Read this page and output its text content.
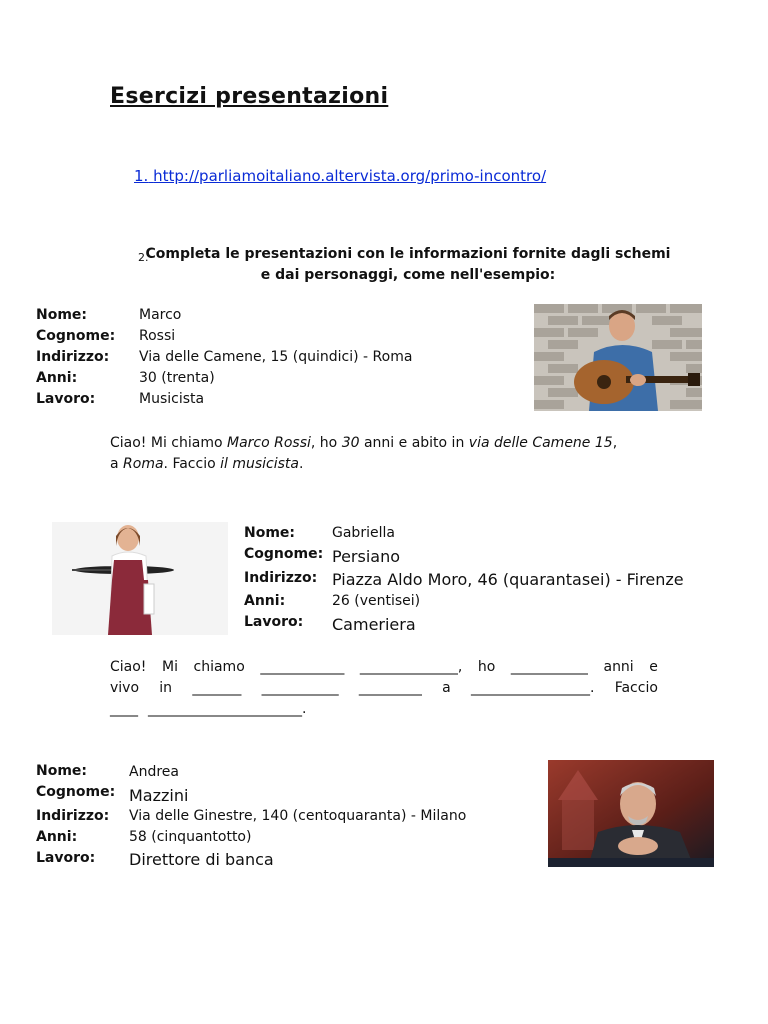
Esercizi presentazioni
1. http://parliamoitaliano.altervista.org/primo-incontro/
2.
Completa le presentazioni con le informazioni fornite dagli schemi
e dai personaggi, come nell'esempio:
Nome:
Cognome:
Indirizzo:
Anni:
Lavoro:
Marco
Rossi
Via delle Camene, 15 (quindici) - Roma
30 (trenta)
Musicista
Ciao! Mi chiamo Marco Rossi, ho 30 anni e abito in via delle Camene 15,
a Roma. Faccio il musicista.
Nome:
Cognome:
Indirizzo:
Anni:
Lavoro:
Gabriella
Persiano
Piazza Aldo Moro, 46 (quarantasei) - Firenze
26 (ventisei)
Cameriera
Ciao! Mi chiamo ____________ ______________, ho ___________ anni e
vivo in _______ ___________ _________ a _________________. Faccio
____ ______________________.
Nome:
Cognome:
Indirizzo:
Anni:
Lavoro:
Andrea
Mazzini
Via delle Ginestre, 140 (centoquaranta) - Milano
58 (cinquantotto)
Direttore di banca
